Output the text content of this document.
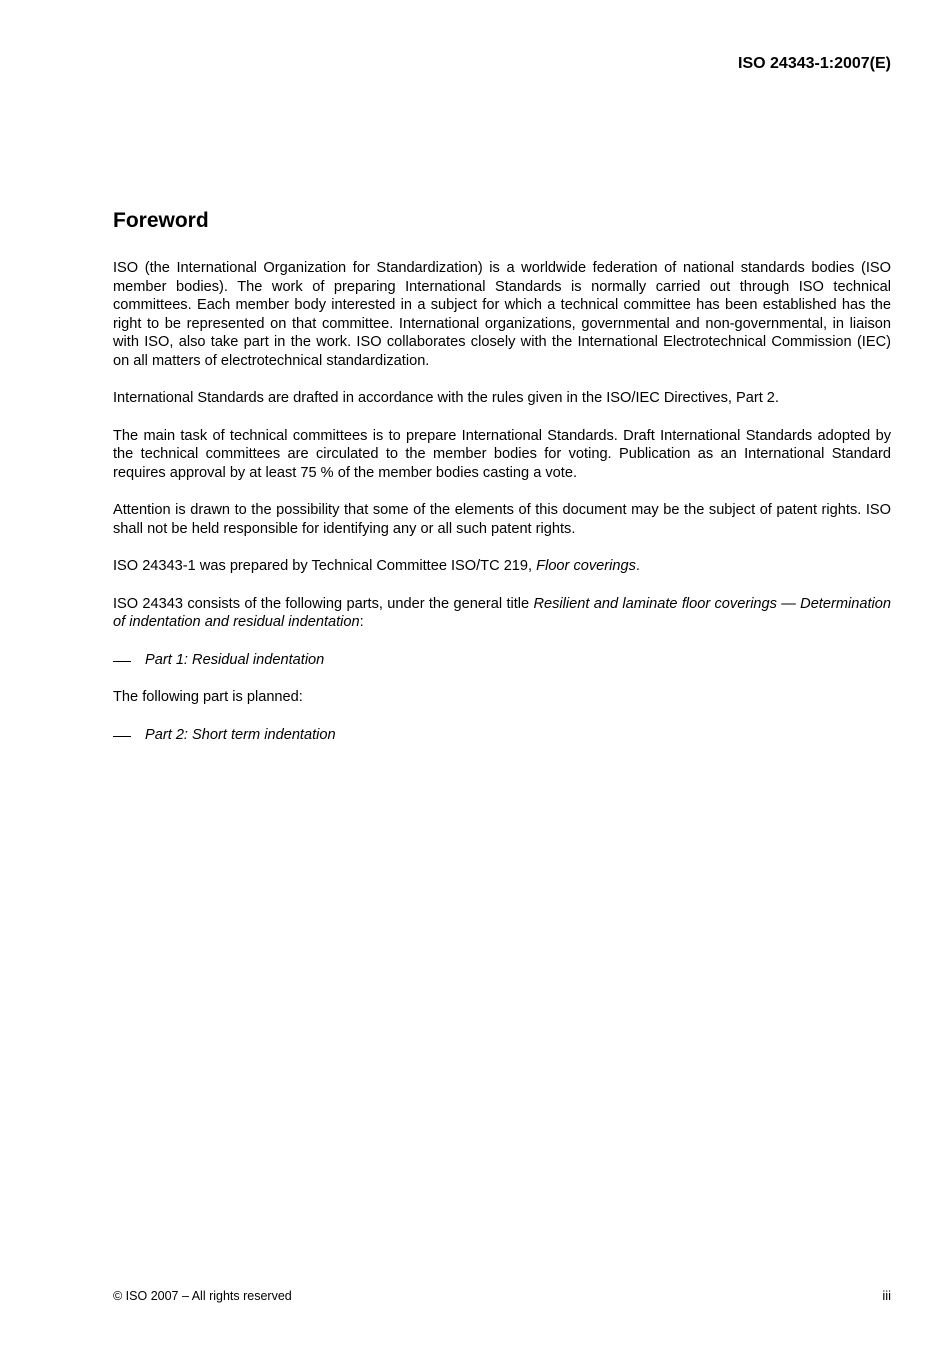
ISO 24343-1:2007(E)

Foreword

ISO (the International Organization for Standardization) is a worldwide federation of national standards bodies (ISO member bodies). The work of preparing International Standards is normally carried out through ISO technical committees. Each member body interested in a subject for which a technical committee has been established has the right to be represented on that committee. International organizations, governmental and non-governmental, in liaison with ISO, also take part in the work. ISO collaborates closely with the International Electrotechnical Commission (IEC) on all matters of electrotechnical standardization.

International Standards are drafted in accordance with the rules given in the ISO/IEC Directives, Part 2.

The main task of technical committees is to prepare International Standards. Draft International Standards adopted by the technical committees are circulated to the member bodies for voting. Publication as an International Standard requires approval by at least 75 % of the member bodies casting a vote.

Attention is drawn to the possibility that some of the elements of this document may be the subject of patent rights. ISO shall not be held responsible for identifying any or all such patent rights.

ISO 24343-1 was prepared by Technical Committee ISO/TC 219, Floor coverings.

ISO 24343 consists of the following parts, under the general title Resilient and laminate floor coverings — Determination of indentation and residual indentation:

Part 1: Residual indentation

The following part is planned:

Part 2: Short term indentation

© ISO 2007 – All rights reserved	iii
